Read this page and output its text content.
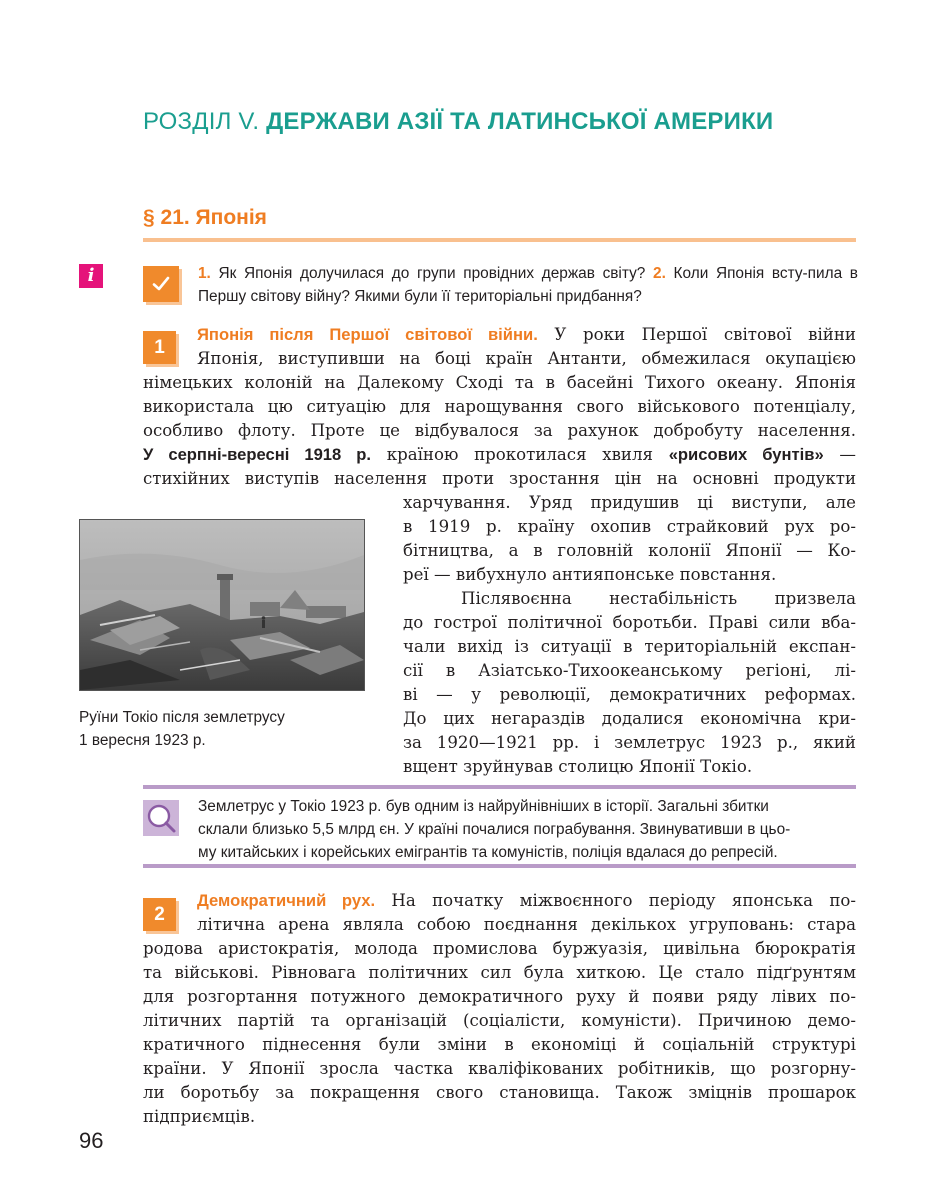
РОЗДІЛ V. ДЕРЖАВИ АЗІЇ ТА ЛАТИНСЬКОЇ АМЕРИКИ
§ 21. Японія
i	1. Як Японія долучилася до групи провідних держав світу? 2. Коли Японія всту-пила в Першу світову війну? Якими були її територіальні придбання?
1
Японія після Першої світової війни. У роки Першої світової війни
Японія, виступивши на боці країн Антанти, обмежилася окупацією
німецьких колоній на Далекому Сході та в басейні Тихого океану. Японія
використала цю ситуацію для нарощування свого військового потенціалу,
особливо флоту. Проте це відбувалося за рахунок добробуту населення.
У серпні-вересні 1918 р. країною прокотилася хвиля «рисових бунтів» —
стихійних виступів населення проти зростання цін на основні продукти
харчування. Уряд придушив ці виступи, але
в 1919 р. країну охопив страйковий рух ро-
бітництва, а в головній колонії Японії — Ко-
реї — вибухнуло антияпонське повстання.
Післявоєнна нестабільність призвела
до гострої політичної боротьби. Праві сили вба-
чали вихід із ситуації в територіальній експан-
сії в Азіатсько-Тихоокеанському регіоні, лі-
ві — у революції, демократичних реформах.
До цих негараздів додалися економічна кри-
за 1920—1921 рр. і землетрус 1923 р., який
вщент зруйнував столицю Японії Токіо.
Руїни Токіо після землетрусу
1 вересня 1923 р.
Землетрус у Токіо 1923 р. був одним із найруйнівніших в історії. Загальні збитки
склали близько 5,5 млрд єн. У країні почалися пограбування. Звинувативши в цьо-
му китайських і корейських емігрантів та комуністів, поліція вдалася до репресій.
2
Демократичний рух. На початку міжвоєнного періоду японська по-
літична арена являла собою поєднання декількох угруповань: стара
родова аристократія, молода промислова буржуазія, цивільна бюрократія
та військові. Рівновага політичних сил була хиткою. Це стало підґрунтям
для розгортання потужного демократичного руху й появи ряду лівих по-
літичних партій та організацій (соціалісти, комуністи). Причиною демо-
кратичного піднесення були зміни в економіці й соціальній структурі
країни. У Японії зросла частка кваліфікованих робітників, що розгорну-
ли боротьбу за покращення свого становища. Також зміцнів прошарок
підприємців.
96
